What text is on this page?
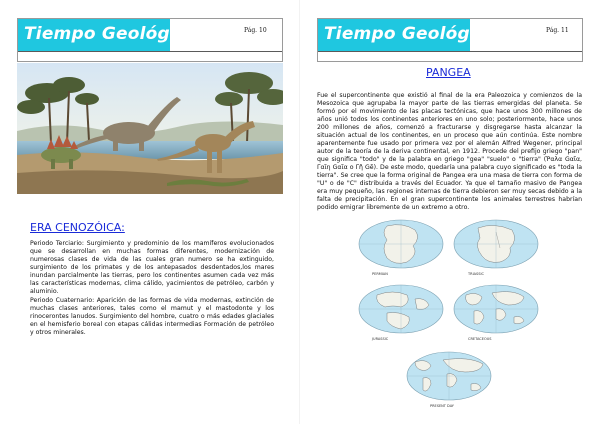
Tiempo Geológico	Pág. 10
ERA CENOZÓICA:
Periodo Terciario: Surgimiento y predominio de los mamíferos evolucionados que se desarrollan en muchas formas diferentes, modernización de numerosas clases de vida de las cuales gran numero se ha extinguido, surgimiento de los primates y de los antepasados desdentados,los mares inundan parcialmente las tierras, pero los continentes asumen cada vez más las características modernas, clima cálido, yacimientos de petróleo, carbón y aluminio.
Periodo Cuaternario: Aparición de las formas de vida modernas, extinción de muchas clases anteriores, tales como el mamut y el mastodonte y los rinocerontes lanudos. Surgimiento del hombre, cuatro o más edades glaciales en el hemisferio boreal con etapas cálidas intermedias Formación de petróleo y otros minerales.
Tiempo Geológico	Pág. 11
PANGEA
Fue el supercontinente que existió al final de la era Paleozoica y comienzos de la Mesozoica que agrupaba la mayor parte de las tierras emergidas del planeta. Se formó por el movimiento de las placas tectónicas, que hace unos 300 millones de años unió todos los continentes anteriores en uno solo; posteriormente, hace unos 200 millones de años, comenzó a fracturarse y disgregarse hasta alcanzar la situación actual de los continentes, en un proceso que aún continúa. Este nombre aparentemente fue usado por primera vez por el alemán Alfred Wegener, principal autor de la teoría de la deriva continental, en 1912. Procede del prefijo griego "pan" que significa "todo" y de la palabra en griego "gea" "suelo" o "tierra" (Ῥαλα Gαῖα, Γαῖη Gαῖα o Γῆ Gẽ). De este modo, quedaría una palabra cuyo significado es "toda la tierra". Se cree que la forma original de Pangea era una masa de tierra con forma de "U" o de "C" distribuida a través del Ecuador. Ya que el tamaño masivo de Pangea era muy pequeño, las regiones internas de tierra debieron ser muy secas debido a la falta de precipitación. En el gran supercontinente los animales terrestres habrían podido emigrar libremente de un extremo a otro.
PERMIAN	TRIASSIC
JURASSIC	CRETACEOUS
PRESENT DAY
